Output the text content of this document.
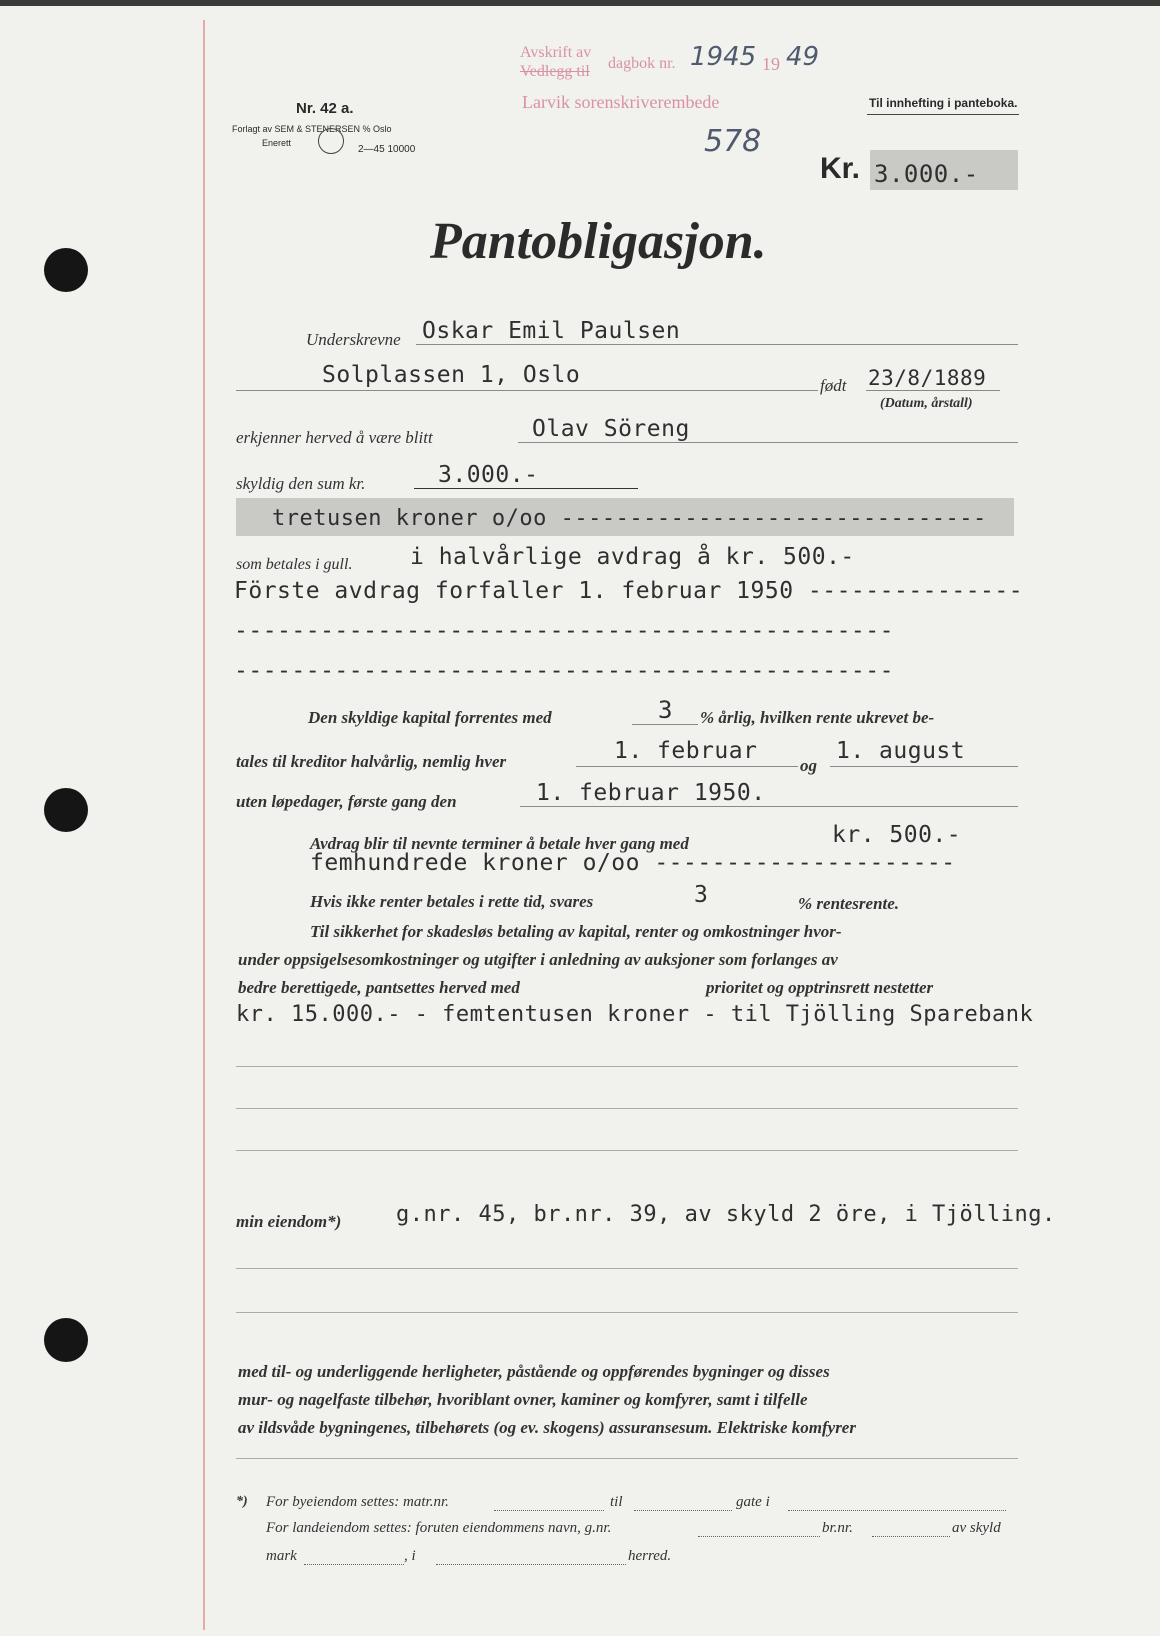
Nr. 42 a.
Forlagt av SEM & STENERSEN % Oslo
Enerett
2—45 10000
Avskrift av
Vedlegg til dagbok nr. 1945 19 49
Larvik sorenskriverembede
578
Til innhefting i panteboka.
Kr. 3.000.-
Pantobligasjon.
Underskrevne Oskar Emil Paulsen
Solplassen 1, Oslo	født 23/8/1889
(Datum, årstall)
erkjenner herved å være blitt	Olav Söreng
skyldig den sum kr.	3.000.-
tretusen kroner o/oo -------------------------------
som betales i gull.	i halvårlige avdrag å kr. 500.-
Förste avdrag forfaller 1. februar 1950 ---------------
----------------------------------------------
----------------------------------------------
Den skyldige kapital forrentes med	3 % årlig, hvilken rente ukrevet be-
tales til kreditor halvårlig, nemlig hver	1. februar
og
1. august
uten løpedager, første gang den	1. februar 1950.
Avdrag blir til nevnte terminer å betale hver gang med	kr. 500.-
femhundrede kroner o/oo ---------------------
Hvis ikke renter betales i rette tid, svares	3	% rentesrente.
Til sikkerhet for skadesløs betaling av kapital, renter og omkostninger hvor-
under oppsigelsesomkostninger og utgifter i anledning av auksjoner som forlanges av
bedre berettigede, pantsettes herved med	prioritet og opptrinsrett nestetter
kr. 15.000.- - femtentusen kroner - til Tjölling Sparebank
min eiendom*) g.nr. 45, br.nr. 39, av skyld 2 öre, i Tjölling.
med til- og underliggende herligheter, påstående og oppførendes bygninger og disses
mur- og nagelfaste tilbehør, hvoriblant ovner, kaminer og komfyrer, samt i tilfelle
av ildsvåde bygningenes, tilbehørets (og ev. skogens) assuransesum. Elektriske komfyrer
*) For byeiendom settes: matr.nr.	til	gate i
For landeiendom settes: foruten eiendommens navn, g.nr.	br.nr.	av skyld
mark	, i	herred.
